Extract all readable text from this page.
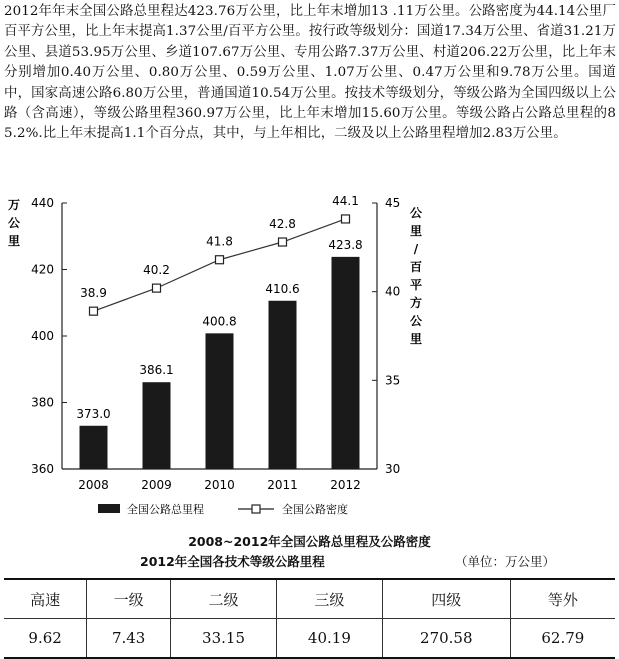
2012年年末全国公路总里程达423.76万公里，比上年末增加13 .11万公里。公路密度为44.14公里厂百平方公里，比上年末提高1.37公里/百平方公里。按行政等级划分：国道17.34万公里、省道31.21万公里、县道53.95万公里、乡道107.67万公里、专用公路7.37万公里、村道206.22万公里，比上年末分别增加0.40万公里、0.80万公里、0.59万公里、1.07万公里、0.47万公里和9.78万公里。国道中，国家高速公路6.80万公里，普通国道10.54万公里。按技术等级划分，等级公路为全国四级以上公路（含高速），等级公路里程360.97万公里，比上年末增加15.60万公里。等级公路占公路总里程的85.2%.比上年末提高1.1个百分点，其中，与上年相比，二级及以上公路里程增加2.83万公里。
360
380
400
420
440
30
35
40
45
万
公
里
公
里
/
百
平
方
公
里
373.0
386.1
400.8
410.6
423.8
38.9
40.2
41.8
42.8
44.1
2008	2009	2010	2011	2012
全国公路总里程	全国公路密度
2008~2012年全国公路总里程及公路密度
2012年全国各技术等级公路里程	（单位：万公里）
高速	一级	二级	三级	四级	等外
9.62	7.43	33.15	40.19	270.58	62.79
